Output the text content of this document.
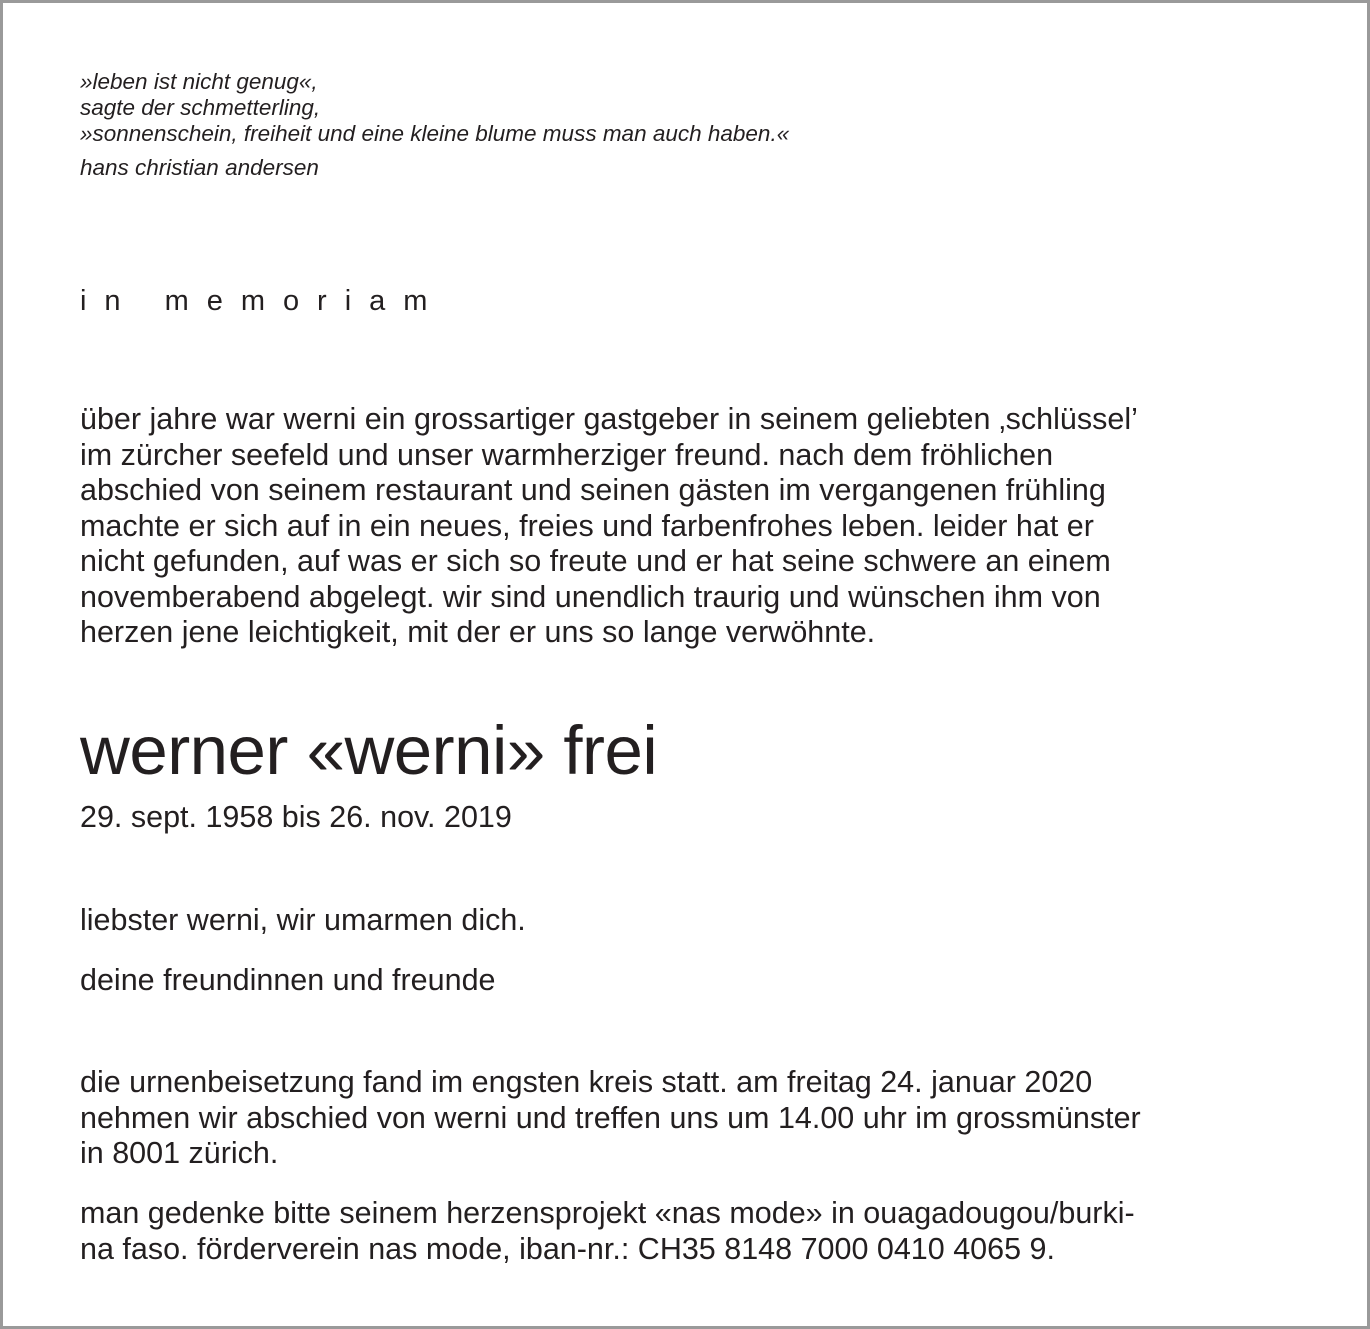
»leben ist nicht genug«,
sagte der schmetterling,
»sonnenschein, freiheit und eine kleine blume muss man auch haben.«

hans christian andersen

in memoriam

über jahre war werni ein grossartiger gastgeber in seinem geliebten ‚schlüssel’
im zürcher seefeld und unser warmherziger freund. nach dem fröhlichen
abschied von seinem restaurant und seinen gästen im vergangenen frühling
machte er sich auf in ein neues, freies und farbenfrohes leben. leider hat er
nicht gefunden, auf was er sich so freute und er hat seine schwere an einem
novemberabend abgelegt. wir sind unendlich traurig und wünschen ihm von
herzen jene leichtigkeit, mit der er uns so lange verwöhnte.

werner «werni» frei

29. sept. 1958 bis 26. nov. 2019

liebster werni, wir umarmen dich.

deine freundinnen und freunde

die urnenbeisetzung fand im engsten kreis statt. am freitag 24. januar 2020
nehmen wir abschied von werni und treffen uns um 14.00 uhr im grossmünster
in 8001 zürich.

man gedenke bitte seinem herzensprojekt «nas mode» in ouagadougou/burki-
na faso. förderverein nas mode, iban-nr.: CH35 8148 7000 0410 4065 9.
